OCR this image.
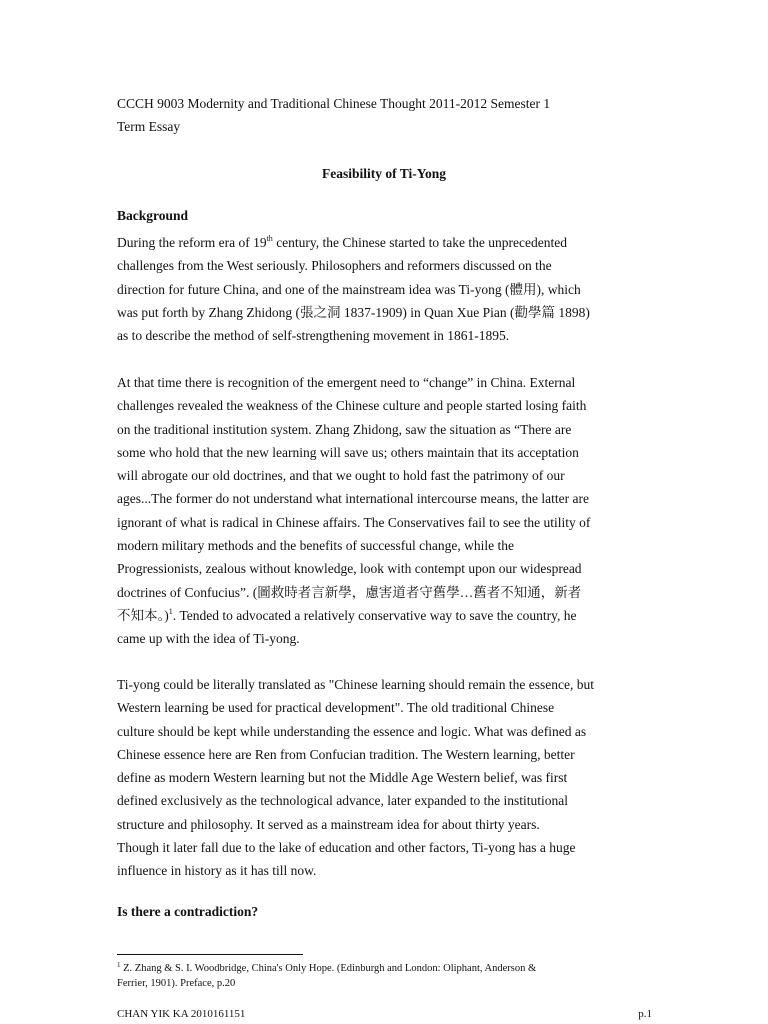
CCCH 9003 Modernity and Traditional Chinese Thought 2011-2012 Semester 1
Term Essay
Feasibility of Ti-Yong
Background
During the reform era of 19th century, the Chinese started to take the unprecedented
challenges from the West seriously. Philosophers and reformers discussed on the
direction for future China, and one of the mainstream idea was Ti-yong (體用), which
was put forth by Zhang Zhidong (張之洞 1837-1909) in Quan Xue Pian (勸學篇 1898)
as to describe the method of self-strengthening movement in 1861-1895.
At that time there is recognition of the emergent need to “change” in China. External
challenges revealed the weakness of the Chinese culture and people started losing faith
on the traditional institution system. Zhang Zhidong, saw the situation as “There are
some who hold that the new learning will save us; others maintain that its acceptation
will abrogate our old doctrines, and that we ought to hold fast the patrimony of our
ages...The former do not understand what international intercourse means, the latter are
ignorant of what is radical in Chinese affairs. The Conservatives fail to see the utility of
modern military methods and the benefits of successful change, while the
Progressionists, zealous without knowledge, look with contempt upon our widespread
doctrines of Confucius”. (圖救時者言新學，慮害道者守舊學…舊者不知通，新者
不知本。)$^1$. Tended to advocated a relatively conservative way to save the country, he
came up with the idea of Ti-yong.
Ti-yong could be literally translated as "Chinese learning should remain the essence, but
Western learning be used for practical development". The old traditional Chinese
culture should be kept while understanding the essence and logic. What was defined as
Chinese essence here are Ren from Confucian tradition. The Western learning, better
define as modern Western learning but not the Middle Age Western belief, was first
defined exclusively as the technological advance, later expanded to the institutional
structure and philosophy. It served as a mainstream idea for about thirty years.
Though it later fall due to the lake of education and other factors, Ti-yong has a huge
influence in history as it has till now.
Is there a contradiction?
$^1$ Z. Zhang & S. I. Woodbridge, China's Only Hope. (Edinburgh and London: Oliphant, Anderson &
Ferrier, 1901). Preface, p.20
CHAN YIK KA 2010161151	p.1
